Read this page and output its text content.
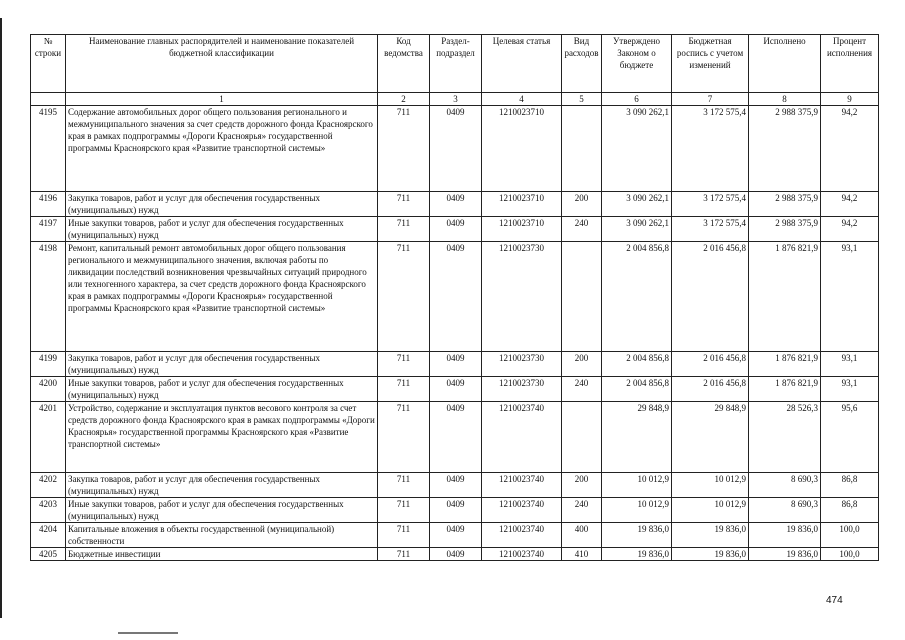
№ строки	Наименование главных распорядителей и наименование показателей бюджетной классификации	Код ведомства	Раздел-подраздел	Целевая статья	Вид расходов	Утверждено Законом о бюджете	Бюджетная роспись с учетом изменений	Исполнено	Процент исполнения
	1	2	3	4	5	6	7	8	9
4195	Содержание автомобильных дорог общего пользования регионального и межмуниципального значения за счет средств дорожного фонда Красноярского края в рамках подпрограммы «Дороги Красноярья» государственной программы Красноярского края «Развитие транспортной системы»	711	0409	1210023710		3 090 262,1	3 172 575,4	2 988 375,9	94,2
4196	Закупка товаров, работ и услуг для обеспечения государственных (муниципальных) нужд	711	0409	1210023710	200	3 090 262,1	3 172 575,4	2 988 375,9	94,2
4197	Иные закупки товаров, работ и услуг для обеспечения государственных (муниципальных) нужд	711	0409	1210023710	240	3 090 262,1	3 172 575,4	2 988 375,9	94,2
4198	Ремонт, капитальный ремонт автомобильных дорог общего пользования регионального и межмуниципального значения, включая работы по ликвидации последствий возникновения чрезвычайных ситуаций природного или техногенного характера, за счет средств дорожного фонда Красноярского края в рамках подпрограммы «Дороги Красноярья» государственной программы Красноярского края «Развитие транспортной системы»	711	0409	1210023730		2 004 856,8	2 016 456,8	1 876 821,9	93,1
4199	Закупка товаров, работ и услуг для обеспечения государственных (муниципальных) нужд	711	0409	1210023730	200	2 004 856,8	2 016 456,8	1 876 821,9	93,1
4200	Иные закупки товаров, работ и услуг для обеспечения государственных (муниципальных) нужд	711	0409	1210023730	240	2 004 856,8	2 016 456,8	1 876 821,9	93,1
4201	Устройство, содержание и эксплуатация пунктов весового контроля за счет средств дорожного фонда Красноярского края в рамках подпрограммы «Дороги Красноярья» государственной программы Красноярского края «Развитие транспортной системы»	711	0409	1210023740		29 848,9	29 848,9	28 526,3	95,6
4202	Закупка товаров, работ и услуг для обеспечения государственных (муниципальных) нужд	711	0409	1210023740	200	10 012,9	10 012,9	8 690,3	86,8
4203	Иные закупки товаров, работ и услуг для обеспечения государственных (муниципальных) нужд	711	0409	1210023740	240	10 012,9	10 012,9	8 690,3	86,8
4204	Капитальные вложения в объекты государственной (муниципальной) собственности	711	0409	1210023740	400	19 836,0	19 836,0	19 836,0	100,0
4205	Бюджетные инвестиции	711	0409	1210023740	410	19 836,0	19 836,0	19 836,0	100,0
474
